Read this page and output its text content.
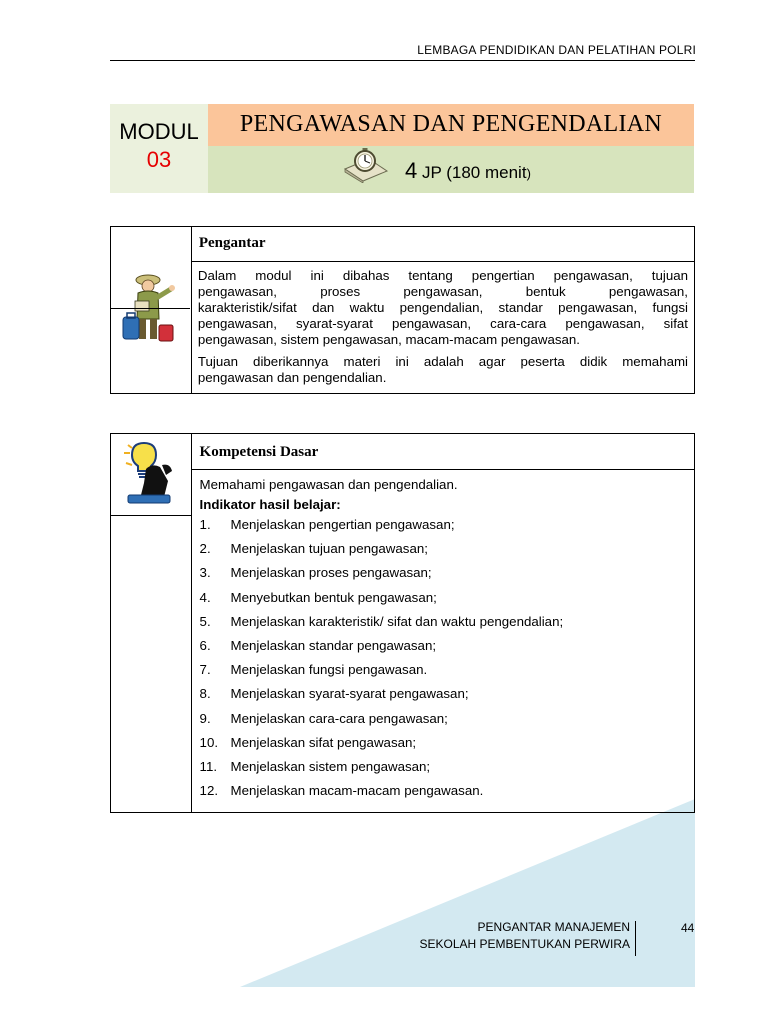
LEMBAGA PENDIDIKAN DAN PELATIHAN POLRI
MODUL
03
PENGAWASAN DAN PENGENDALIAN
4 JP (180 menit)

Pengantar
Dalam modul ini dibahas tentang pengertian pengawasan, tujuan
pengawasan, proses pengawasan, bentuk pengawasan,
karakteristik/sifat dan waktu pengendalian, standar pengawasan, fungsi
pengawasan, syarat-syarat pengawasan, cara-cara pengawasan, sifat
pengawasan, sistem pengawasan, macam-macam pengawasan.
Tujuan diberikannya materi ini adalah agar peserta didik memahami
pengawasan dan pengendalian.

Kompetensi Dasar
Memahami pengawasan dan pengendalian.
Indikator hasil belajar:
1. Menjelaskan pengertian pengawasan;
2. Menjelaskan tujuan pengawasan;
3. Menjelaskan proses pengawasan;
4. Menyebutkan bentuk pengawasan;
5. Menjelaskan karakteristik/ sifat dan waktu pengendalian;
6. Menjelaskan standar pengawasan;
7. Menjelaskan fungsi pengawasan.
8. Menjelaskan syarat-syarat pengawasan;
9. Menjelaskan cara-cara pengawasan;
10. Menjelaskan sifat pengawasan;
11. Menjelaskan sistem pengawasan;
12. Menjelaskan macam-macam pengawasan.
PENGANTAR MANAJEMEN
SEKOLAH PEMBENTUKAN PERWIRA
44
